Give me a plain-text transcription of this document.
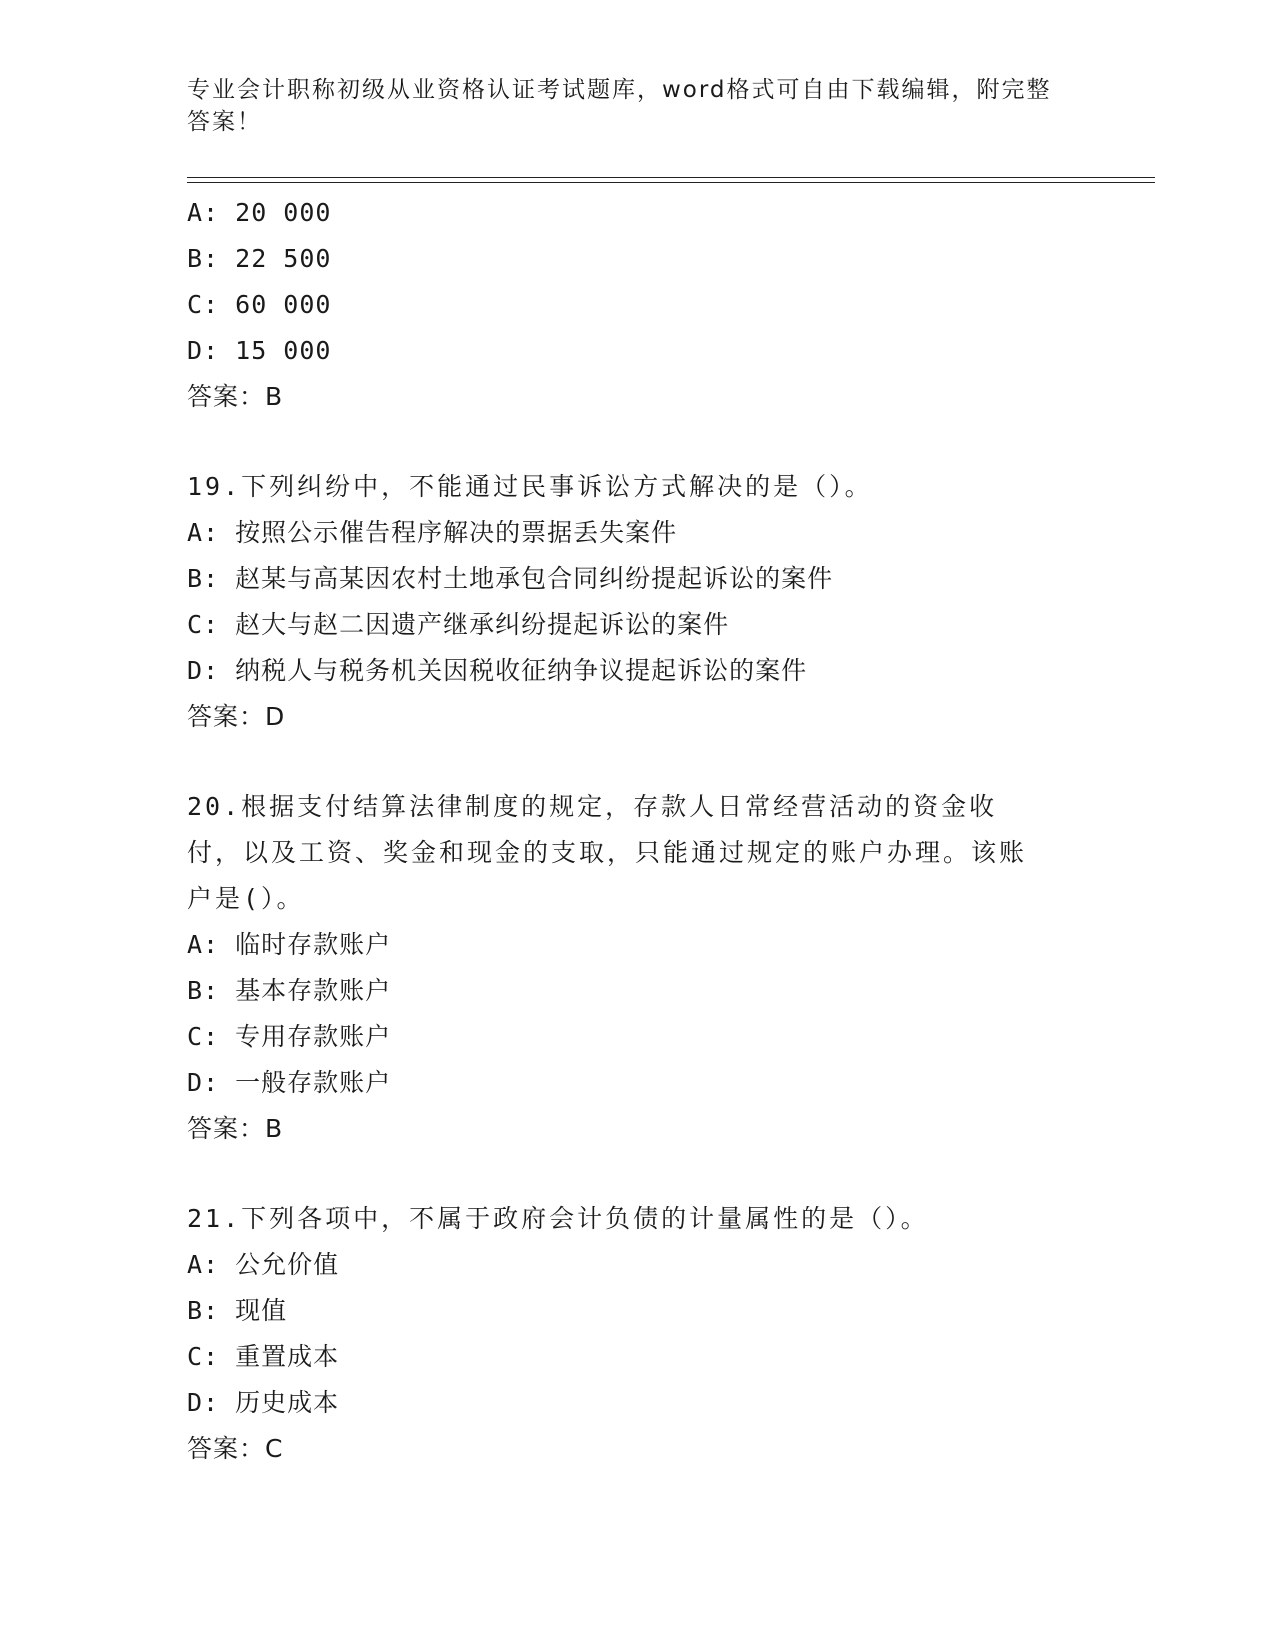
专业会计职称初级从业资格认证考试题库，word格式可自由下载编辑，附完整答案！
A: 20 000
B: 22 500
C: 60 000
D: 15 000
答案：B
19.下列纠纷中，不能通过民事诉讼方式解决的是（）。
A: 按照公示催告程序解决的票据丢失案件
B: 赵某与高某因农村土地承包合同纠纷提起诉讼的案件
C: 赵大与赵二因遗产继承纠纷提起诉讼的案件
D: 纳税人与税务机关因税收征纳争议提起诉讼的案件
答案：D
20.根据支付结算法律制度的规定，存款人日常经营活动的资金收付，以及工资、奖金和现金的支取，只能通过规定的账户办理。该账户是(）。
A: 临时存款账户
B: 基本存款账户
C: 专用存款账户
D: 一般存款账户
答案：B
21.下列各项中，不属于政府会计负债的计量属性的是（）。
A: 公允价值
B: 现值
C: 重置成本
D: 历史成本
答案：C
